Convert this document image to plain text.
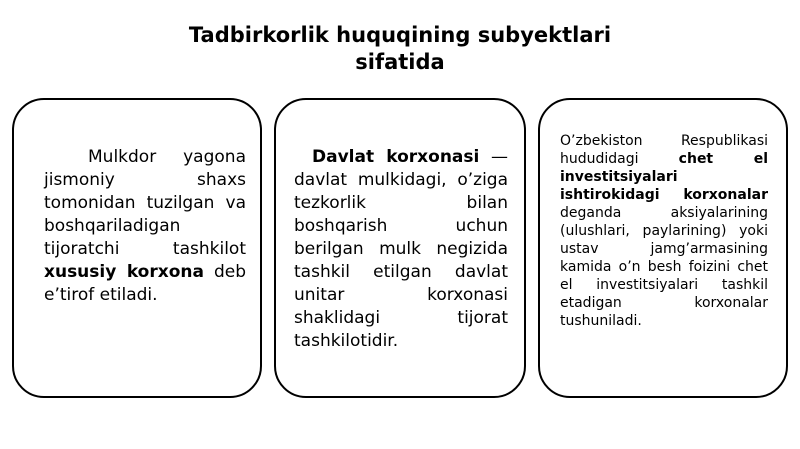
Tadbirkorlik huquqining subyektlari
sifatida
Mulkdor yagona jismoniy shaxs tomonidan tuzilgan va boshqariladigan tijoratchi tashkilot xususiy korxona deb e’tirof etiladi.
Davlat korxonasi — davlat mulkidagi, o’ziga tezkorlik bilan boshqarish uchun berilgan mulk negizida tashkil etilgan davlat unitar korxonasi shaklidagi tijorat tashkilotidir.
O’zbekiston Respublikasi hududidagi chet el investitsiyalari ishtirokidagi korxonalar deganda aksiyalarining (ulushlari, paylarining) yoki ustav jamg’armasining kamida o’n besh foizini chet el investitsiyalari tashkil etadigan korxonalar tushuniladi.
